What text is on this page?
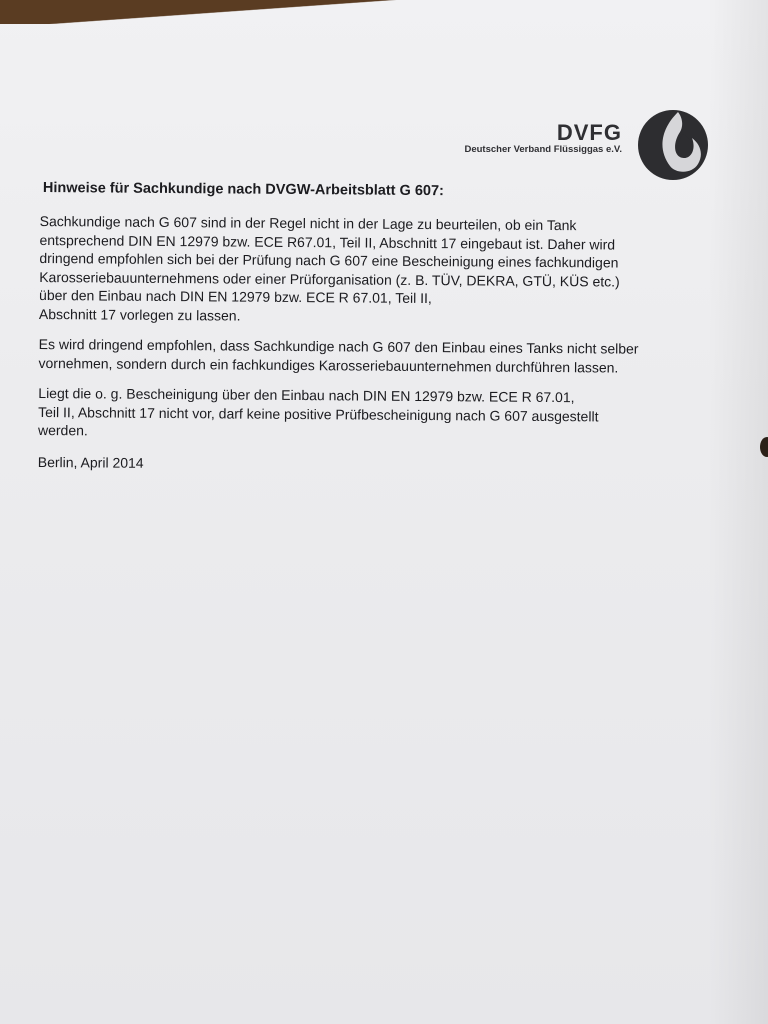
DVFG
Deutscher Verband Flüssiggas e.V.
Hinweise für Sachkundige nach DVGW-Arbeitsblatt G 607:
Sachkundige nach G 607 sind in der Regel nicht in der Lage zu beurteilen, ob ein Tank
entsprechend DIN EN 12979 bzw. ECE R67.01, Teil II, Abschnitt 17 eingebaut ist. Daher wird
dringend empfohlen sich bei der Prüfung nach G 607 eine Bescheinigung eines fachkundigen
Karosseriebauunternehmens oder einer Prüforganisation (z. B. TÜV, DEKRA, GTÜ, KÜS etc.)
über den Einbau nach DIN EN 12979 bzw. ECE R 67.01, Teil II,
Abschnitt 17 vorlegen zu lassen.
Es wird dringend empfohlen, dass Sachkundige nach G 607 den Einbau eines Tanks nicht selber
vornehmen, sondern durch ein fachkundiges Karosseriebauunternehmen durchführen lassen.
Liegt die o. g. Bescheinigung über den Einbau nach DIN EN 12979 bzw. ECE R 67.01,
Teil II, Abschnitt 17 nicht vor, darf keine positive Prüfbescheinigung nach G 607 ausgestellt
werden.
Berlin, April 2014
